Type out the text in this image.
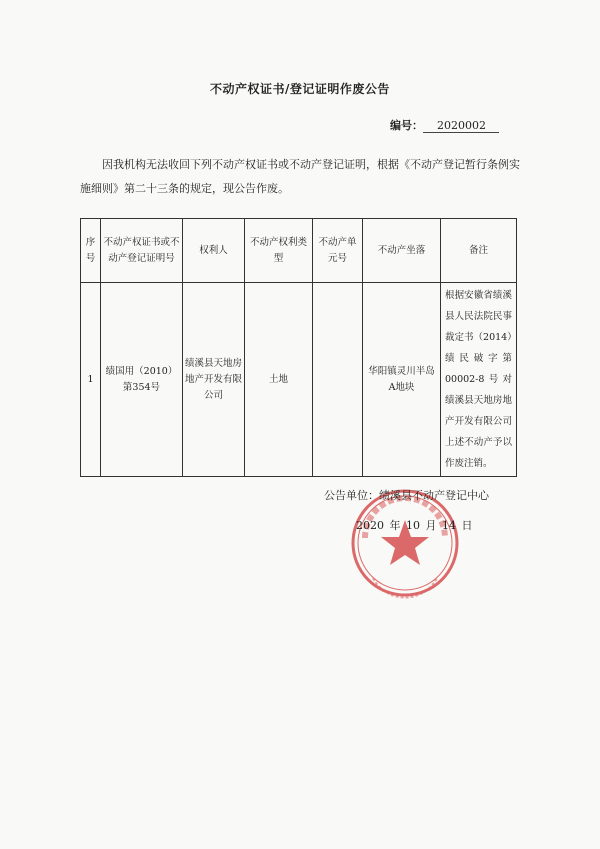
不动产权证书/登记证明作废公告
编号： 2020002
因我机构无法收回下列不动产权证书或不动产登记证明，根据《不动产登记暂行条例实施细则》第二十三条的规定，现公告作废。
序号	不动产权证书或不动产登记证明号	权利人	不动产权利类型	不动产单元号	不动产坐落	备注
1	绩国用（2010）第354号	绩溪县天地房地产开发有限公司	土地		华阳镇灵川半岛A地块	根据安徽省绩溪县人民法院民事裁定书（2014）绩民破字第00002-8号对绩溪县天地房地产开发有限公司上述不动产予以作废注销。
公告单位：绩溪县不动产登记中心
2020 年 10 月 14 日
